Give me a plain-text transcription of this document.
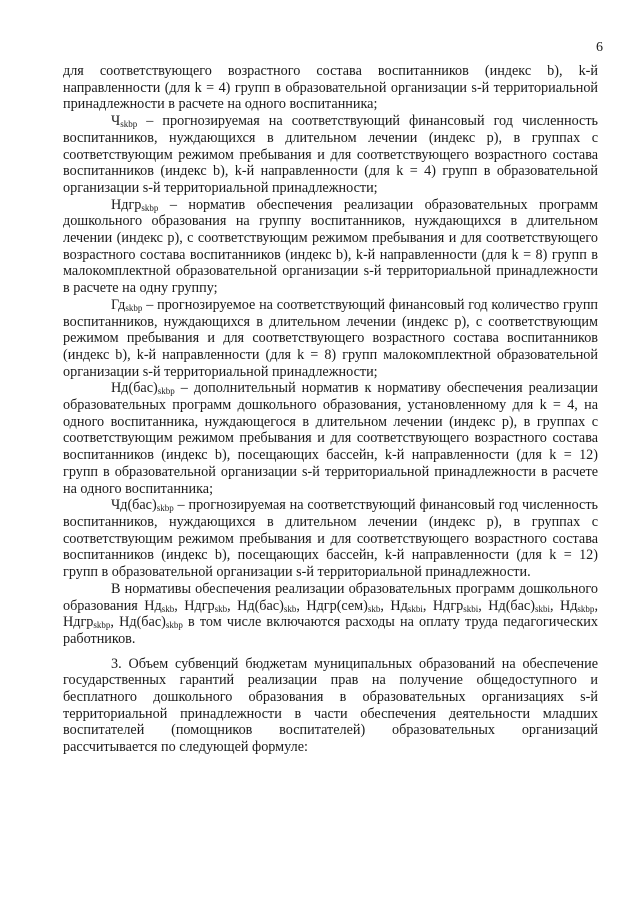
6

для соответствующего возрастного состава воспитанников (индекс b), k-й направленности (для k = 4) групп в образовательной организации s-й территориальной принадлежности в расчете на одного воспитанника;

$Ч_{skbp}$ – прогнозируемая на соответствующий финансовый год численность воспитанников, нуждающихся в длительном лечении (индекс p), в группах с соответствующим режимом пребывания и для соответствующего возрастного состава воспитанников (индекс b), k-й направленности (для k = 4) групп в образовательной организации s-й территориальной принадлежности;

Ндгр$_{skbp}$ – норматив обеспечения реализации образовательных программ дошкольного образования на группу воспитанников, нуждающихся в длительном лечении (индекс p), с соответствующим режимом пребывания и для соответствующего возрастного состава воспитанников (индекс b), k-й направленности (для k = 8) групп в малокомплектной образовательной организации s-й территориальной принадлежности в расчете на одну группу;

$Гд_{skbp}$ – прогнозируемое на соответствующий финансовый год количество групп воспитанников, нуждающихся в длительном лечении (индекс p), с соответствующим режимом пребывания и для соответствующего возрастного состава воспитанников (индекс b), k-й направленности (для k = 8) групп малокомплектной образовательной организации s-й территориальной принадлежности;

$Нд(бас)_{skbp}$ – дополнительный норматив к нормативу обеспечения реализации образовательных программ дошкольного образования, установленному для k = 4, на одного воспитанника, нуждающегося в длительном лечении (индекс p), в группах с соответствующим режимом пребывания и для соответствующего возрастного состава воспитанников (индекс b), посещающих бассейн, k-й направленности (для k = 12) групп в образовательной организации s-й территориальной принадлежности в расчете на одного воспитанника;

$Чд(бас)_{skbp}$ – прогнозируемая на соответствующий финансовый год численность воспитанников, нуждающихся в длительном лечении (индекс p), в группах с соответствующим режимом пребывания и для соответствующего возрастного состава воспитанников (индекс b), посещающих бассейн, k-й направленности (для k = 12) групп в образовательной организации s-й территориальной принадлежности.

В нормативы обеспечения реализации образовательных программ дошкольного образования $Нд_{skb}$, Ндгр$_{skb}$, $Нд(бас)_{skb}$, $Ндгр(сем)_{skb}$, $Нд_{skbi}$, Ндгр$_{skbi}$, $Нд(бас)_{skbi}$, $Нд_{skbp}$, Ндгр$_{skbp}$, $Нд(бас)_{skbp}$ в том числе включаются расходы на оплату труда педагогических работников.

3. Объем субвенций бюджетам муниципальных образований на обеспечение государственных гарантий реализации прав на получение общедоступного и бесплатного дошкольного образования в образовательных организациях s-й территориальной принадлежности в части обеспечения деятельности младших воспитателей (помощников воспитателей) образовательных организаций рассчитывается по следующей формуле:
